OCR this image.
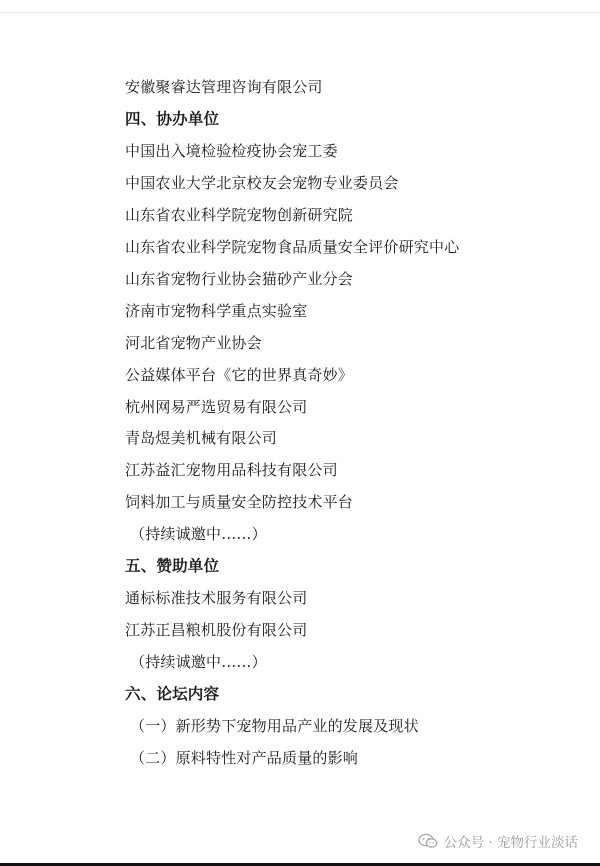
安徽聚睿达管理咨询有限公司
四、协办单位
中国出入境检验检疫协会宠工委
中国农业大学北京校友会宠物专业委员会
山东省农业科学院宠物创新研究院
山东省农业科学院宠物食品质量安全评价研究中心
山东省宠物行业协会猫砂产业分会
济南市宠物科学重点实验室
河北省宠物产业协会
公益媒体平台《它的世界真奇妙》
杭州网易严选贸易有限公司
青岛煜美机械有限公司
江苏益汇宠物用品科技有限公司
饲料加工与质量安全防控技术平台
（持续诚邀中……）
五、赞助单位
通标标准技术服务有限公司
江苏正昌粮机股份有限公司
（持续诚邀中……）
六、论坛内容
（一）新形势下宠物用品产业的发展及现状
（二）原料特性对产品质量的影响
公众号 · 宠物行业淡话
